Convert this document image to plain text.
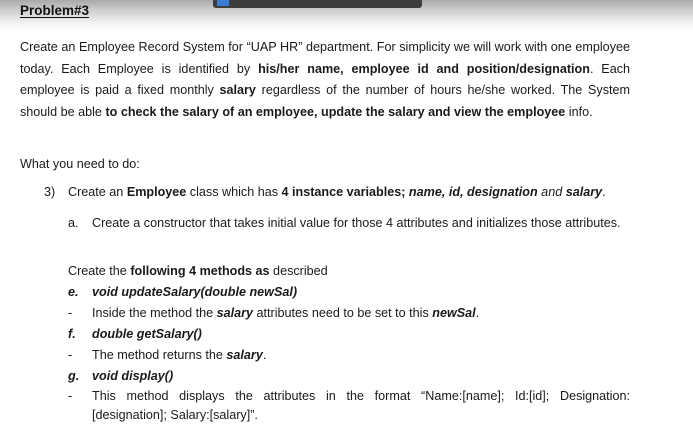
Problem#3

Create an Employee Record System for “UAP HR” department. For simplicity we will work with one employee today. Each Employee is identified by his/her name, employee id and position/designation. Each employee is paid a fixed monthly salary regardless of the number of hours he/she worked. The System should be able to check the salary of an employee, update the salary and view the employee info.

What you need to do:

3) Create an Employee class which has 4 instance variables; name, id, designation and salary.

a. Create a constructor that takes initial value for those 4 attributes and initializes those attributes.

Create the following 4 methods as described

e. void updateSalary(double newSal)

- Inside the method the salary attributes need to be set to this newSal.

f. double getSalary()

- The method returns the salary.

g. void display()

-	This method displays the attributes in the format “Name:[name]; Id:[id]; Designation:[designation]; Salary:[salary]”.
